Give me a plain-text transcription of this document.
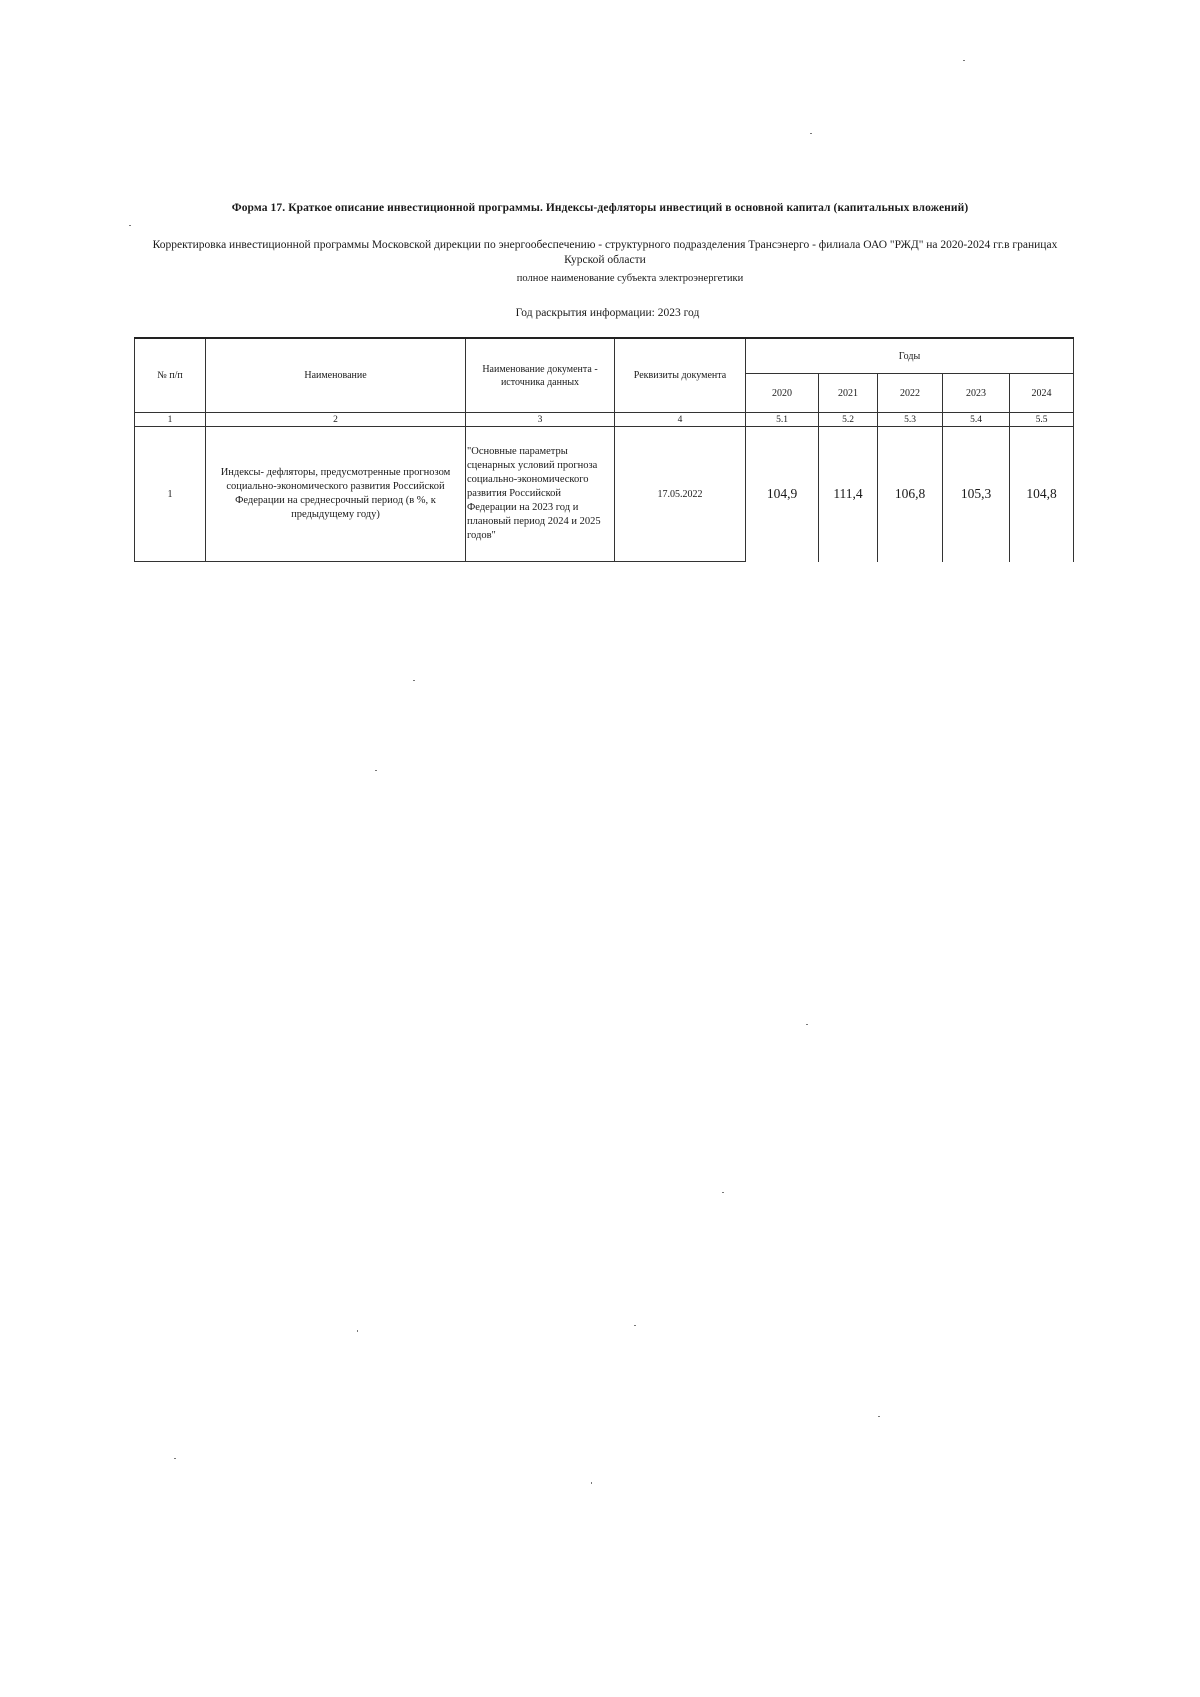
Форма 17. Краткое описание инвестиционной программы. Индексы-дефляторы инвестиций в основной капитал (капитальных вложений)
Корректировка инвестиционной программы Московской дирекции по энергообеспечению - структурного подразделения Трансэнерго - филиала ОАО "РЖД" на 2020-2024 гг.в границах Курской области
полное наименование субъекта электроэнергетики
Год раскрытия информации: 2023 год
№ п/п	Наименование	Наименование документа - источника данных	Реквизиты документа	Годы				
				2020	2021	2022	2023	2024
1	2	3	4	5.1	5.2	5.3	5.4	5.5
1	Индексы- дефляторы, предусмотренные прогнозом социально-экономического развития Российской Федерации на среднесрочный период (в %, к предыдущему году)	"Основные параметры сценарных условий прогноза социально-экономического развития Российской Федерации на 2023 год и плановый период 2024 и 2025 годов"	17.05.2022	104,9	111,4	106,8	105,3	104,8
